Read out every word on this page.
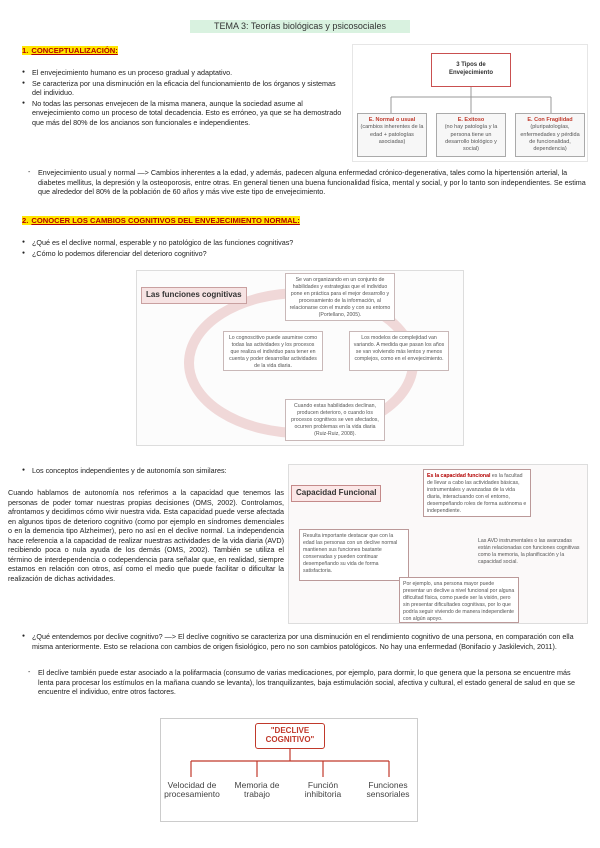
TEMA 3: Teorías biológicas y psicosociales
1. CONCEPTUALIZACIÓN:
● El envejecimiento humano es un proceso gradual y adaptativo.
● Se caracteriza por una disminución en la eficacia del funcionamiento de los órganos y sistemas del individuo.
● No todas las personas envejecen de la misma manera, aunque la sociedad asume al envejecimiento como un proceso de total decadencia. Esto es erróneo, ya que se ha demostrado que más del 80% de los ancianos son funcionales e independientes.
3 Tipos de Envejecimiento
E. Normal o usual
(cambios inherentes de la edad + patologías asociadas)
E. Exitoso
(no hay patología y la persona tiene un desarrollo biológico y social)
E. Con Fragilidad
(pluripatologías, enfermedades y pérdida de funcionalidad, dependencia)
- Envejecimiento usual y normal —> Cambios inherentes a la edad, y además, padecen alguna enfermedad crónico-degenerativa, tales como la hipertensión arterial, la diabetes mellitus, la depresión y la osteoporosis, entre otras. En general tienen una buena funcionalidad física, mental y social, y por lo tanto son independientes. Se estima que alrededor del 80% de la población de 60 años y más vive este tipo de envejecimiento.
2. CONOCER LOS CAMBIOS COGNITIVOS DEL ENVEJECIMIENTO NORMAL:
● ¿Qué es el declive normal, esperable y no patológico de las funciones cognitivas?
● ¿Cómo lo podemos diferenciar del deterioro cognitivo?
Las funciones cognitivas
Se van organizando en un conjunto de habilidades y estrategias que el individuo pone en práctica para el mejor desarrollo y procesamiento de la información, al relacionarse con el mundo y con su entorno (Portellano, 2005).
Lo cognoscitivo puede asumirse como todas las actividades y los procesos que realiza el individuo para tener en cuenta y poder desarrollar actividades de la vida diaria.
Los modelos de complejidad van variando. A medida que pasan los años se van volviendo más lentos y menos complejos, como en el envejecimiento.
Cuando estas habilidades declinan, producen deterioro, o cuando los procesos cognitivos se ven afectados, ocurren problemas en la vida diaria (Ruiz-Ruiz, 2008).
● Los conceptos independientes y de autonomía son similares:

Cuando hablamos de autonomía nos referimos a la capacidad que tenemos las personas de poder tomar nuestras propias decisiones (OMS, 2002). Controlamos, afrontamos y decidimos cómo vivir nuestra vida. Esta capacidad puede verse afectada en algunos tipos de deterioro cognitivo (como por ejemplo en síndromes demenciales o en la demencia tipo Alzheimer), pero no así en el declive normal. La independencia hace referencia a la capacidad de realizar nuestras actividades de la vida diaria (AVD) recibiendo poca o nula ayuda de los demás (OMS, 2002). También se utiliza el término de interdependencia o codependencia para señalar que, en realidad, siempre estamos en relación con otros, así como el medio que puede facilitar o dificultar la realización de dichas actividades.

Capacidad Funcional
Es la capacidad funcional es la facultad de llevar a cabo las actividades básicas, instrumentales y avanzadas de la vida diaria, interactuando con el entorno, desempeñando roles de forma autónoma e independiente.
Resulta importante destacar que con la edad las personas con un declive normal mantienen sus funciones bastante conservadas y pueden continuar desempeñando su vida de forma satisfactoria.
Las AVD instrumentales o las avanzadas están relacionadas con funciones cognitivas como la memoria, la planificación y la capacidad social.
Por ejemplo, una persona mayor puede presentar un declive a nivel funcional por alguna dificultad física, como puede ser la visión, pero sin presentar dificultades cognitivas, por lo que podría seguir viviendo de manera independiente con algún apoyo.
● ¿Qué entendemos por declive cognitivo? —> El declive cognitivo se caracteriza por una disminución en el rendimiento cognitivo de una persona, en comparación con ella misma anteriormente. Esto se relaciona con cambios de origen fisiológico, pero no son cambios patológicos. No hay una enfermedad (Bonifacio y Jaskilevich, 2011).
- El declive también puede estar asociado a la polifarmacia (consumo de varias medicaciones, por ejemplo, para dormir, lo que genera que la persona se encuentre más lenta para procesar los estímulos en la mañana cuando se levanta), los tranquilizantes, baja estimulación social, afectiva y cultural, el estado general de salud en que se encuentre el individuo, entre otros factores.
"DECLIVE COGNITIVO"
Velocidad de procesamiento
Memoria de trabajo
Función inhibitoria
Funciones sensoriales
